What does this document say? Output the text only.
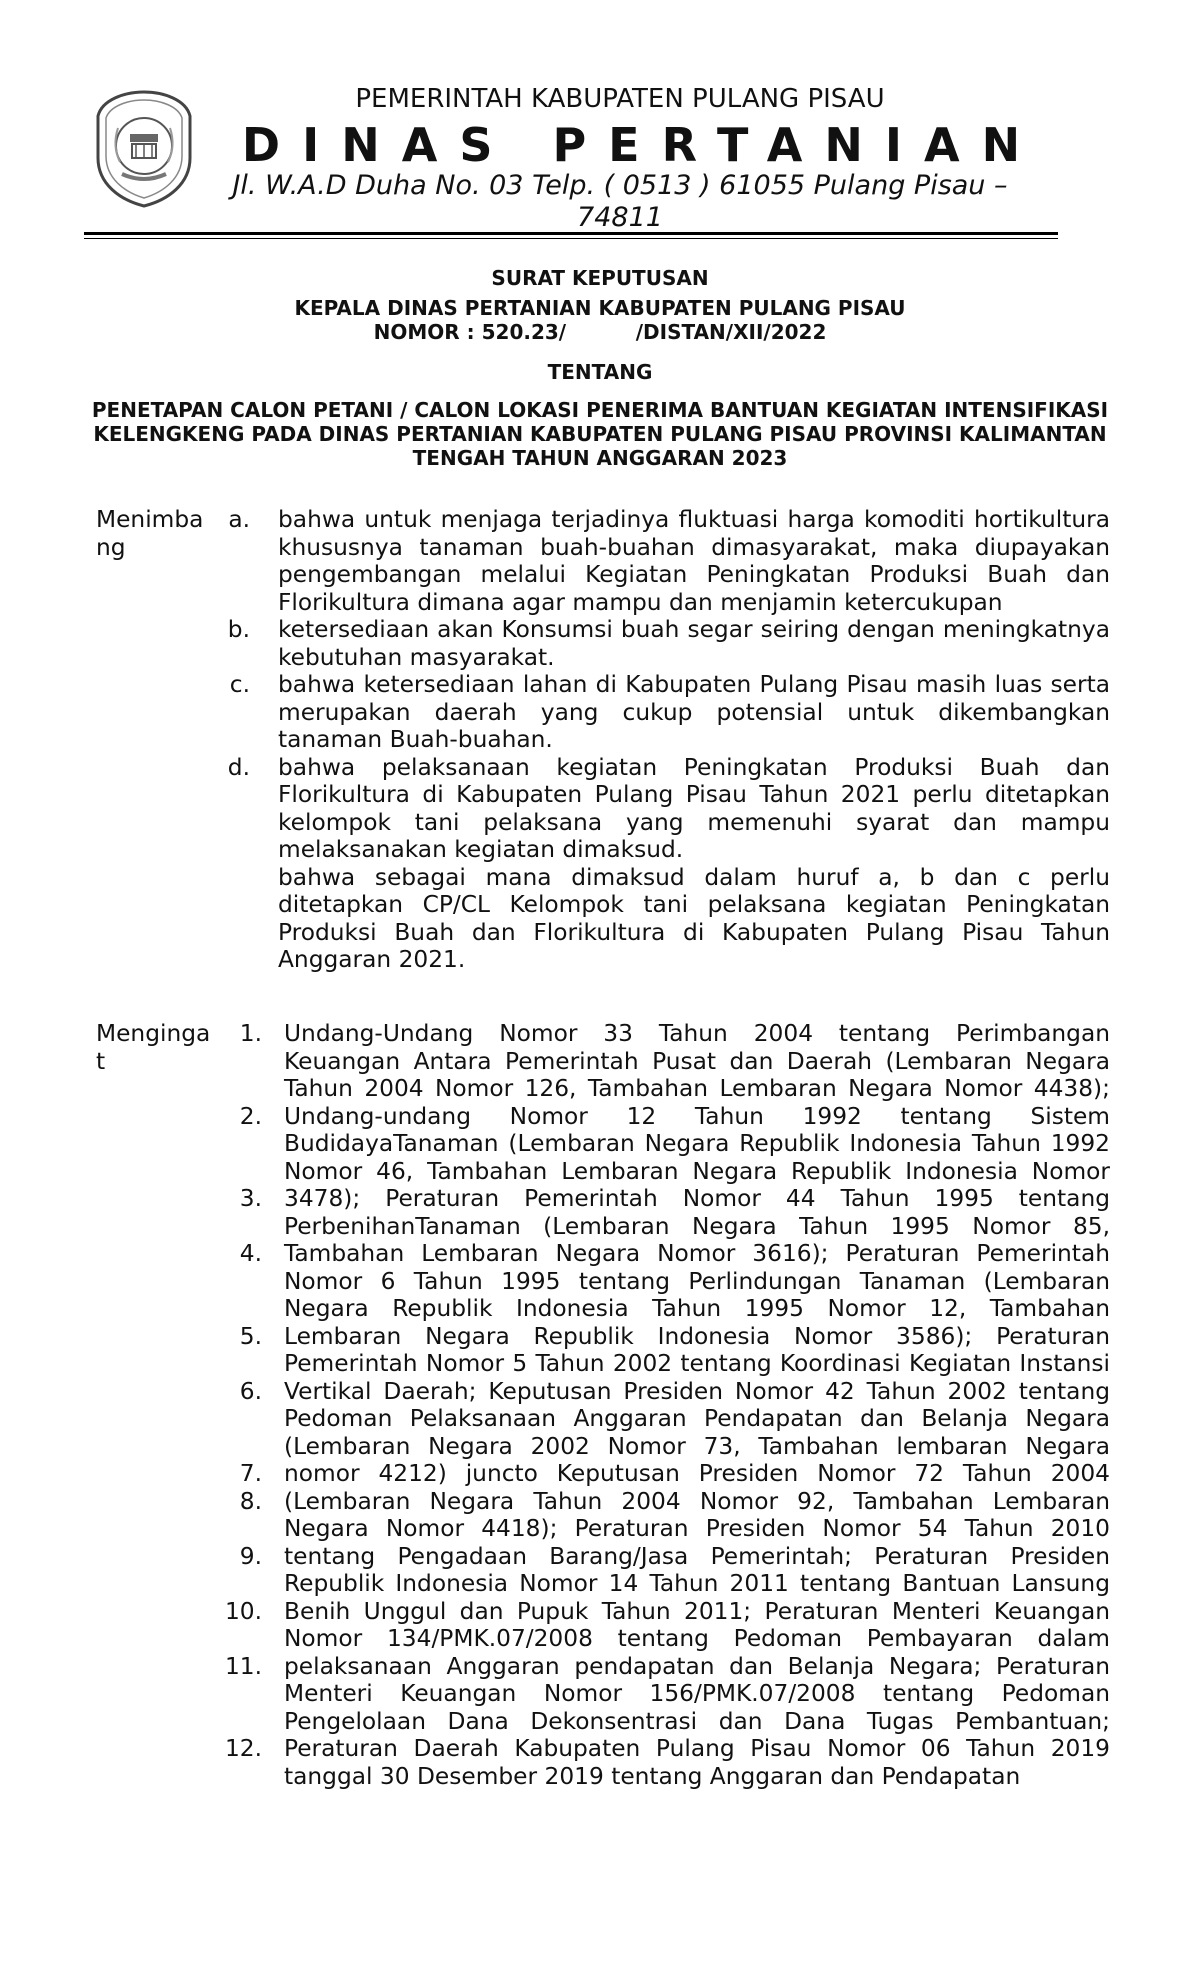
PEMERINTAH KABUPATEN PULANG PISAU
DINAS PERTANIAN
Jl. W.A.D Duha No. 03 Telp. ( 0513 ) 61055 Pulang Pisau – 74811
SURAT KEPUTUSAN
KEPALA DINAS PERTANIAN KABUPATEN PULANG PISAU
NOMOR : 520.23/          /DISTAN/XII/2022
TENTANG
PENETAPAN CALON PETANI / CALON LOKASI PENERIMA BANTUAN KEGIATAN INTENSIFIKASI KELENGKENG PADA DINAS PERTANIAN KABUPATEN PULANG PISAU PROVINSI KALIMANTAN TENGAH TAHUN ANGGARAN 2023
Menimbang
a. bahwa untuk menjaga terjadinya fluktuasi harga komoditi hortikultura khususnya tanaman buah-buahan dimasyarakat, maka diupayakan pengembangan melalui Kegiatan Peningkatan Produksi Buah dan Florikultura dimana agar mampu dan menjamin ketercukupan
b. ketersediaan akan Konsumsi buah segar seiring dengan meningkatnya kebutuhan masyarakat.
c. bahwa ketersediaan lahan di Kabupaten Pulang Pisau masih luas serta merupakan daerah yang cukup potensial untuk dikembangkan tanaman Buah-buahan.
d. bahwa pelaksanaan kegiatan Peningkatan Produksi Buah dan Florikultura di Kabupaten Pulang Pisau Tahun 2021 perlu ditetapkan kelompok tani pelaksana yang memenuhi syarat dan mampu melaksanakan kegiatan dimaksud.
bahwa sebagai mana dimaksud dalam huruf a, b dan c perlu ditetapkan CP/CL Kelompok tani pelaksana kegiatan Peningkatan Produksi Buah dan Florikultura di Kabupaten Pulang Pisau Tahun Anggaran 2021.
Mengingat
1.
2.
3.
4.
5.
6.
7.
8.
9.
10.
11.
12.
Undang-Undang Nomor 33 Tahun 2004 tentang Perimbangan Keuangan Antara Pemerintah Pusat dan Daerah (Lembaran Negara Tahun 2004 Nomor 126, Tambahan Lembaran Negara Nomor 4438); Undang-undang Nomor 12 Tahun 1992 tentang Sistem BudidayaTanaman (Lembaran Negara Republik Indonesia Tahun 1992 Nomor 46, Tambahan Lembaran Negara Republik Indonesia Nomor 3478); Peraturan Pemerintah Nomor 44 Tahun 1995 tentang PerbenihanTanaman (Lembaran Negara Tahun 1995 Nomor 85, Tambahan Lembaran Negara Nomor 3616); Peraturan Pemerintah Nomor 6 Tahun 1995 tentang Perlindungan Tanaman (Lembaran Negara Republik Indonesia Tahun 1995 Nomor 12, Tambahan Lembaran Negara Republik Indonesia Nomor 3586); Peraturan Pemerintah Nomor 5 Tahun 2002 tentang Koordinasi Kegiatan Instansi Vertikal Daerah; Keputusan Presiden Nomor 42 Tahun 2002 tentang Pedoman Pelaksanaan Anggaran Pendapatan dan Belanja Negara (Lembaran Negara 2002 Nomor 73, Tambahan lembaran Negara nomor 4212) juncto Keputusan Presiden Nomor 72 Tahun 2004 (Lembaran Negara Tahun 2004 Nomor 92, Tambahan Lembaran Negara Nomor 4418); Peraturan Presiden Nomor 54 Tahun 2010 tentang Pengadaan Barang/Jasa Pemerintah; Peraturan Presiden Republik Indonesia Nomor 14 Tahun 2011 tentang Bantuan Lansung Benih Unggul dan Pupuk Tahun 2011; Peraturan Menteri Keuangan Nomor 134/PMK.07/2008 tentang Pedoman Pembayaran dalam pelaksanaan Anggaran pendapatan dan Belanja Negara; Peraturan Menteri Keuangan Nomor 156/PMK.07/2008 tentang Pedoman Pengelolaan Dana Dekonsentrasi dan Dana Tugas Pembantuan; Peraturan Daerah Kabupaten Pulang Pisau Nomor 06 Tahun 2019 tanggal 30 Desember 2019 tentang Anggaran dan Pendapatan
